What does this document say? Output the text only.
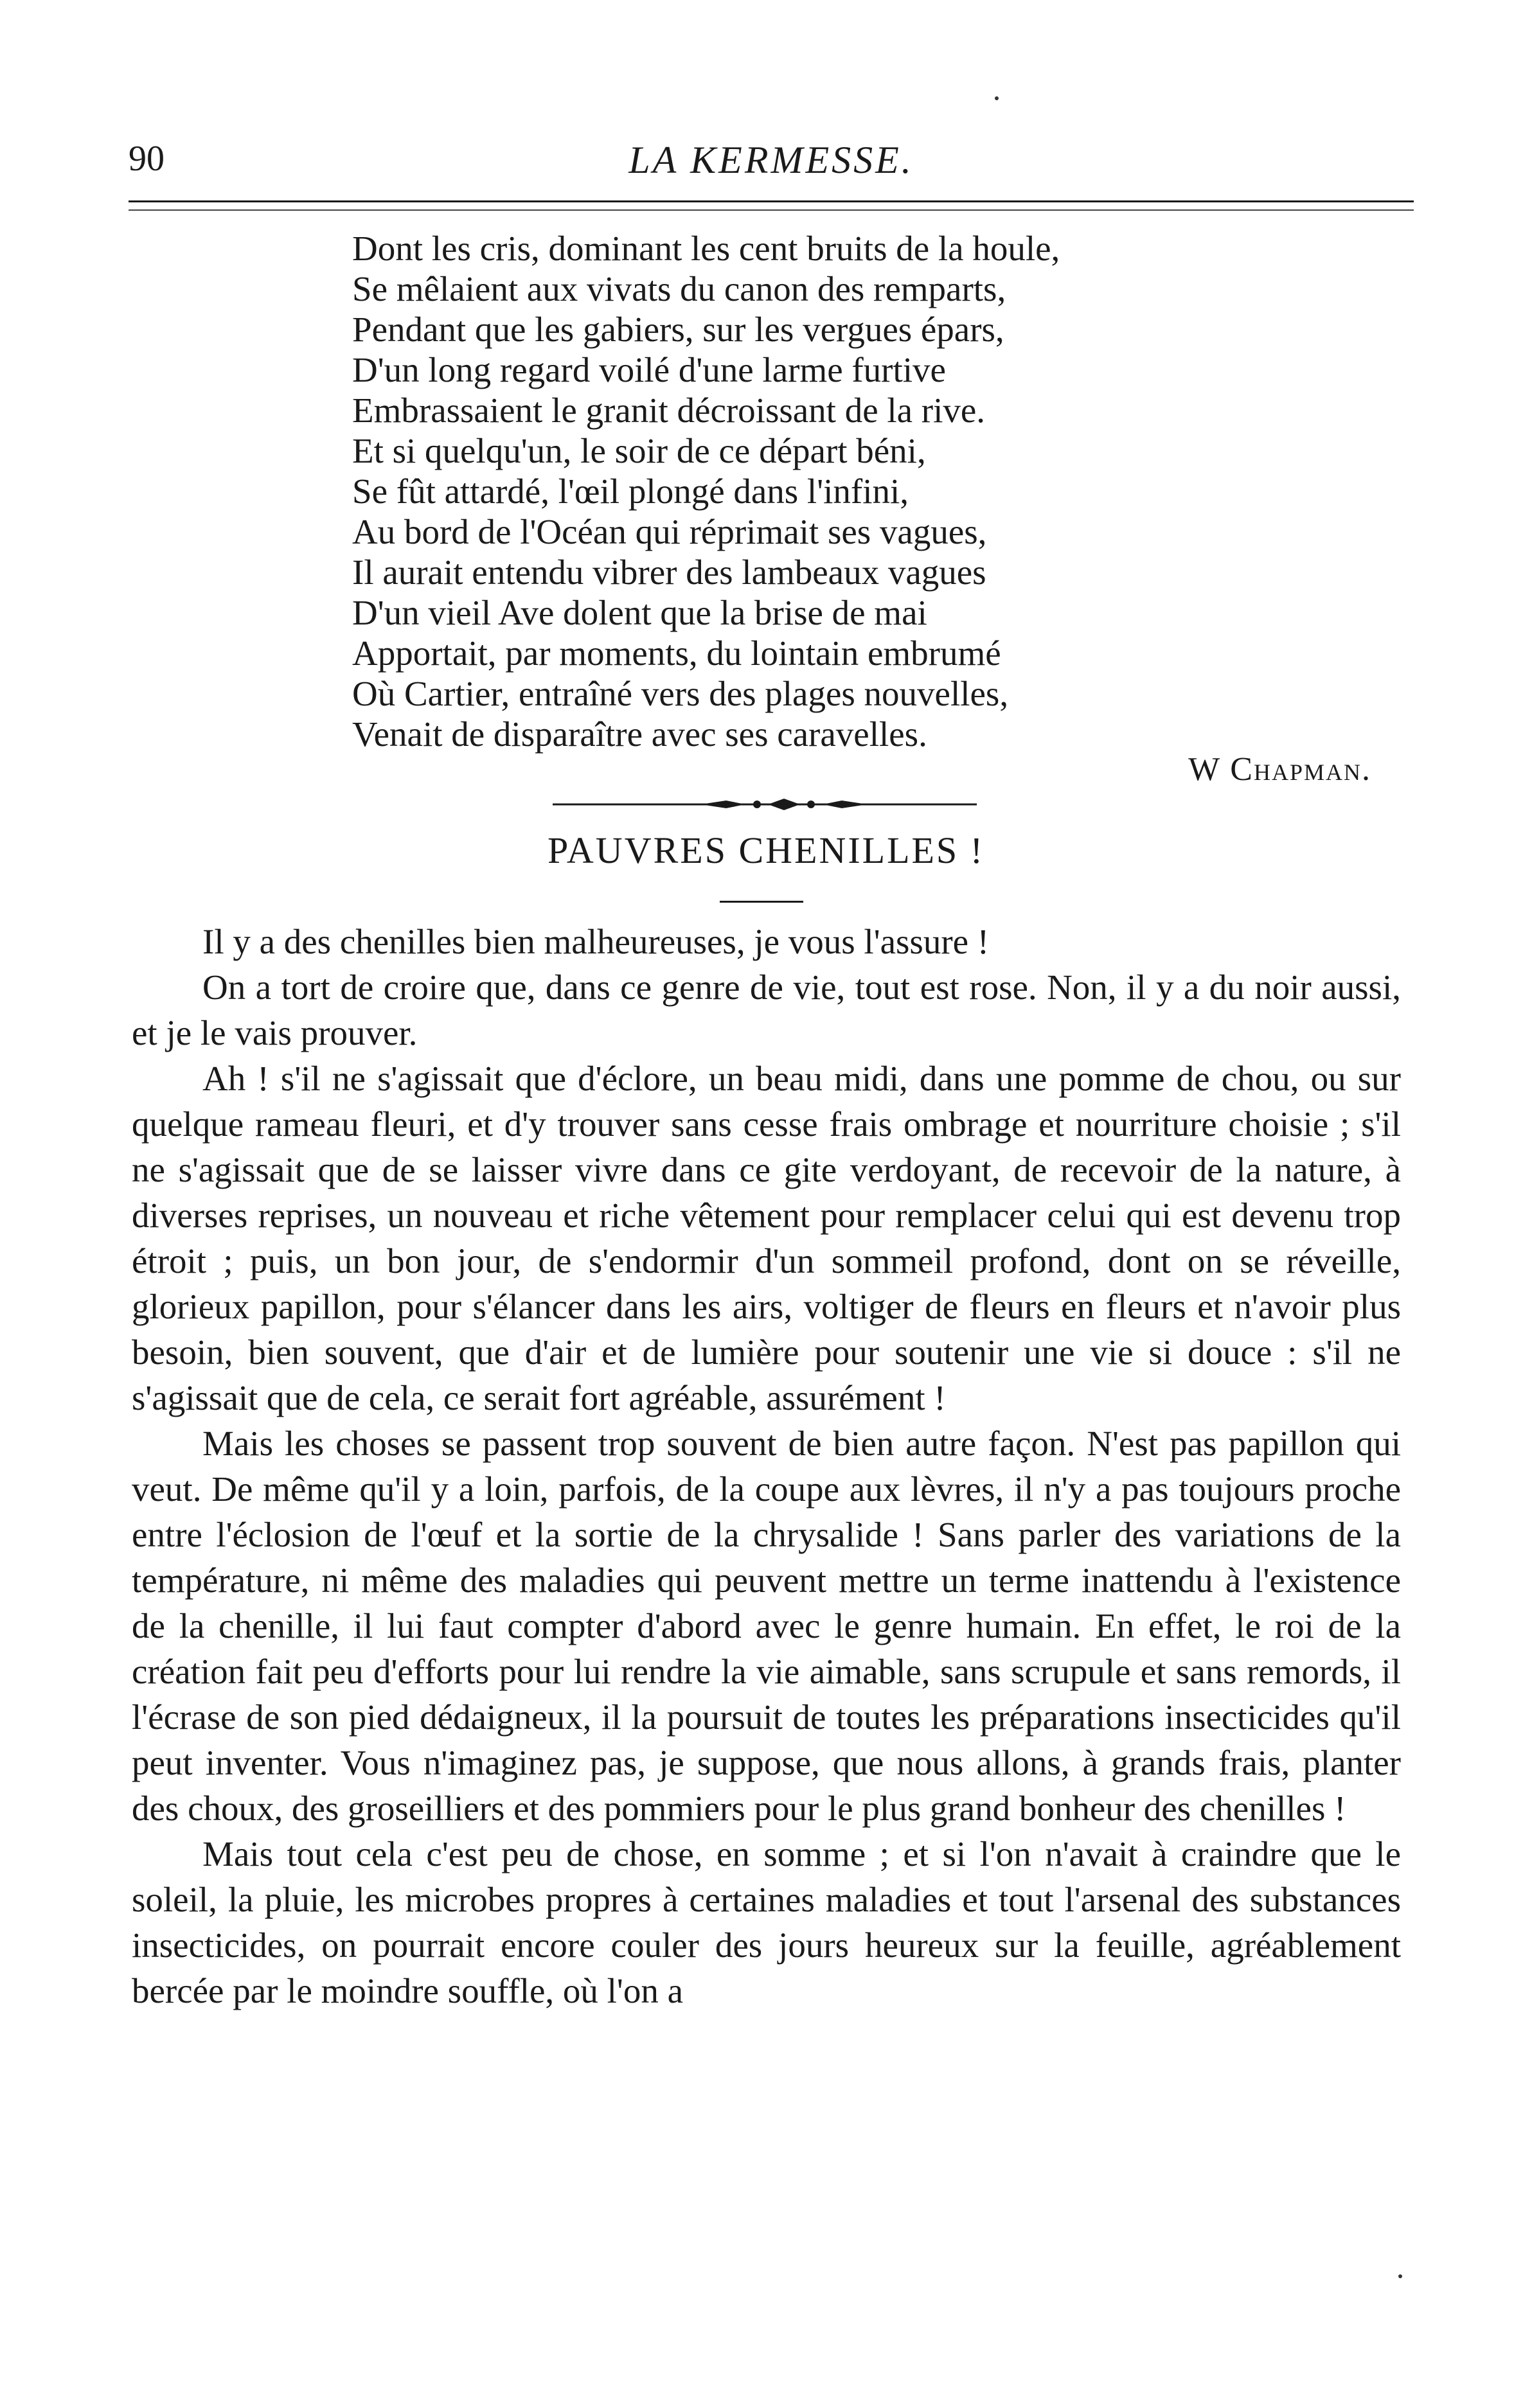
90	LA KERMESSE.
Dont les cris, dominant les cent bruits de la houle,
Se mêlaient aux vivats du canon des remparts,
Pendant que les gabiers, sur les vergues épars,
D'un long regard voilé d'une larme furtive
Embrassaient le granit décroissant de la rive.
Et si quelqu'un, le soir de ce départ béni,
Se fût attardé, l'œil plongé dans l'infini,
Au bord de l'Océan qui réprimait ses vagues,
Il aurait entendu vibrer des lambeaux vagues
D'un vieil Ave dolent que la brise de mai
Apportait, par moments, du lointain embrumé
Où Cartier, entraîné vers des plages nouvelles,
Venait de disparaître avec ses caravelles.
W Chapman.
PAUVRES CHENILLES !

Il y a des chenilles bien malheureuses, je vous l'assure !

On a tort de croire que, dans ce genre de vie, tout est rose. Non, il y a du noir aussi, et je le vais prouver.

Ah ! s'il ne s'agissait que d'éclore, un beau midi, dans une pomme de chou, ou sur quelque rameau fleuri, et d'y trouver sans cesse frais ombrage et nourriture choisie ; s'il ne s'agissait que de se laisser vivre dans ce gite verdoyant, de recevoir de la nature, à diverses reprises, un nouveau et riche vêtement pour remplacer celui qui est devenu trop étroit ; puis, un bon jour, de s'endormir d'un sommeil profond, dont on se réveille, glorieux papillon, pour s'élancer dans les airs, voltiger de fleurs en fleurs et n'avoir plus besoin, bien souvent, que d'air et de lumière pour soutenir une vie si douce : s'il ne s'agissait que de cela, ce serait fort agréable, assurément !

Mais les choses se passent trop souvent de bien autre façon. N'est pas papillon qui veut. De même qu'il y a loin, parfois, de la coupe aux lèvres, il n'y a pas toujours proche entre l'éclosion de l'œuf et la sortie de la chrysalide ! Sans parler des variations de la température, ni même des maladies qui peuvent mettre un terme inattendu à l'existence de la chenille, il lui faut compter d'abord avec le genre humain. En effet, le roi de la création fait peu d'efforts pour lui rendre la vie aimable, sans scrupule et sans remords, il l'écrase de son pied dédaigneux, il la poursuit de toutes les préparations insecticides qu'il peut inventer. Vous n'imaginez pas, je suppose, que nous allons, à grands frais, planter des choux, des groseilliers et des pommiers pour le plus grand bonheur des chenilles !

Mais tout cela c'est peu de chose, en somme ; et si l'on n'avait à craindre que le soleil, la pluie, les microbes propres à certaines maladies et tout l'arsenal des substances insecticides, on pourrait encore couler des jours heureux sur la feuille, agréablement bercée par le moindre souffle, où l'on a
